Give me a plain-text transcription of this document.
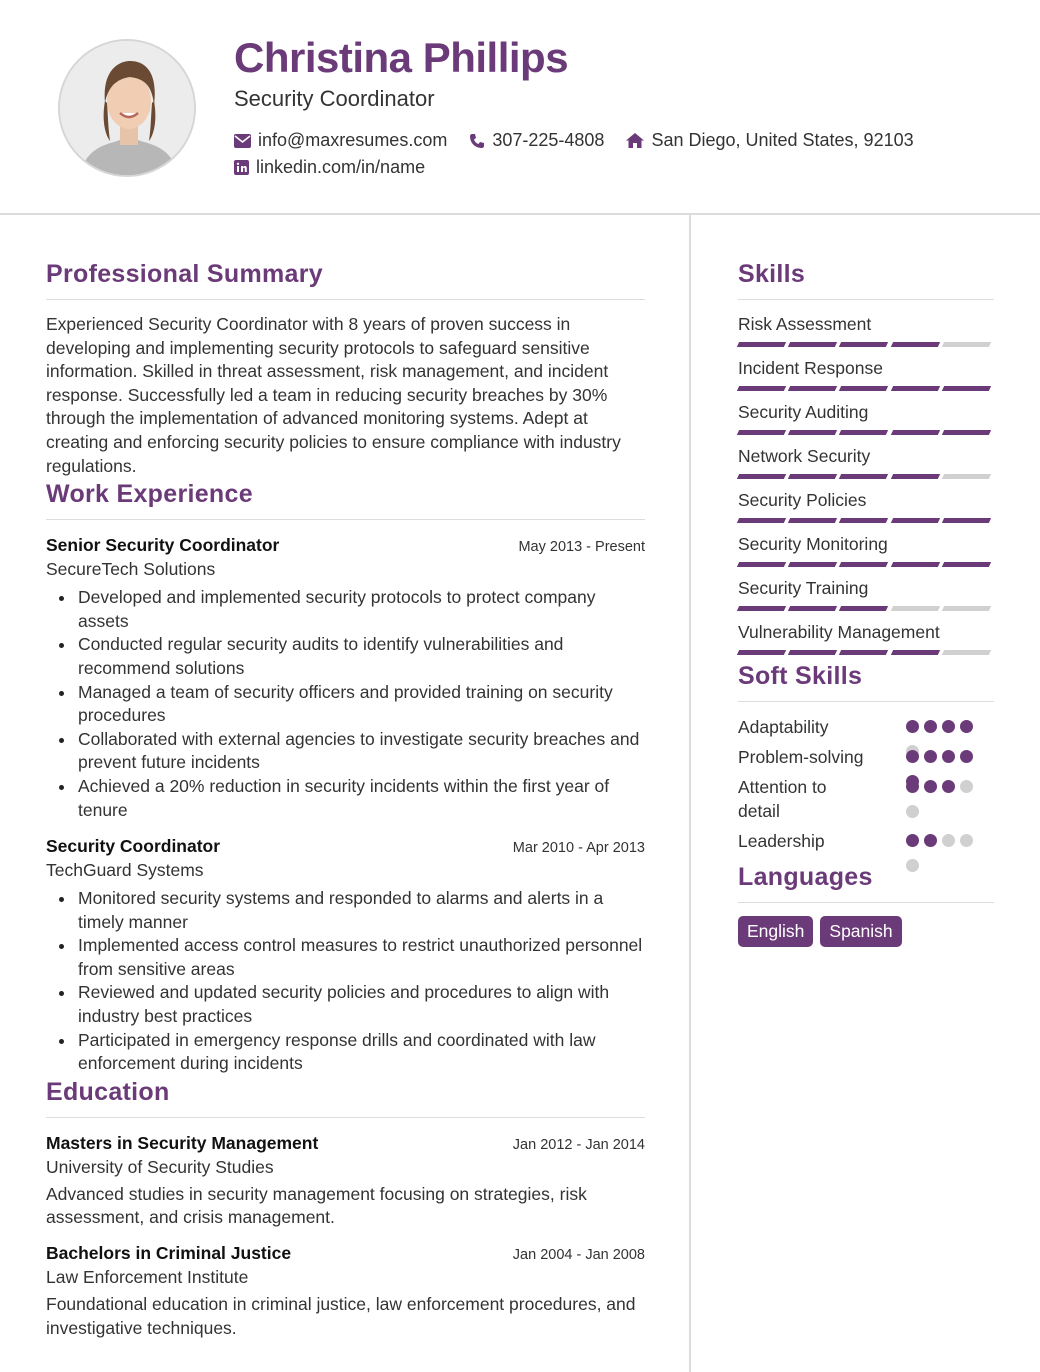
Christina Phillips
Security Coordinator
info@maxresumes.com	307-225-4808	San Diego, United States, 92103
linkedin.com/in/name
Professional Summary

Experienced Security Coordinator with 8 years of proven success in developing and implementing security protocols to safeguard sensitive information. Skilled in threat assessment, risk management, and incident response. Successfully led a team in reducing security breaches by 30% through the implementation of advanced monitoring systems. Adept at creating and enforcing security policies to ensure compliance with industry regulations.

Work Experience
Senior Security Coordinator	May 2013 - Present
SecureTech Solutions
Developed and implemented security protocols to protect company assets
Conducted regular security audits to identify vulnerabilities and recommend solutions
Managed a team of security officers and provided training on security procedures
Collaborated with external agencies to investigate security breaches and prevent future incidents
Achieved a 20% reduction in security incidents within the first year of tenure
Security Coordinator	Mar 2010 - Apr 2013
TechGuard Systems
Monitored security systems and responded to alarms and alerts in a timely manner
Implemented access control measures to restrict unauthorized personnel from sensitive areas
Reviewed and updated security policies and procedures to align with industry best practices
Participated in emergency response drills and coordinated with law enforcement during incidents
Education
Masters in Security Management	Jan 2012 - Jan 2014
University of Security Studies

Advanced studies in security management focusing on strategies, risk assessment, and crisis management.

Bachelors in Criminal Justice	Jan 2004 - Jan 2008
Law Enforcement Institute

Foundational education in criminal justice, law enforcement procedures, and investigative techniques.

Skills
Risk Assessment
Incident Response
Security Auditing
Network Security
Security Policies
Security Monitoring
Security Training
Vulnerability Management
Soft Skills
Adaptability
Problem-solving
Attention to detail
Leadership
Languages
English	Spanish
